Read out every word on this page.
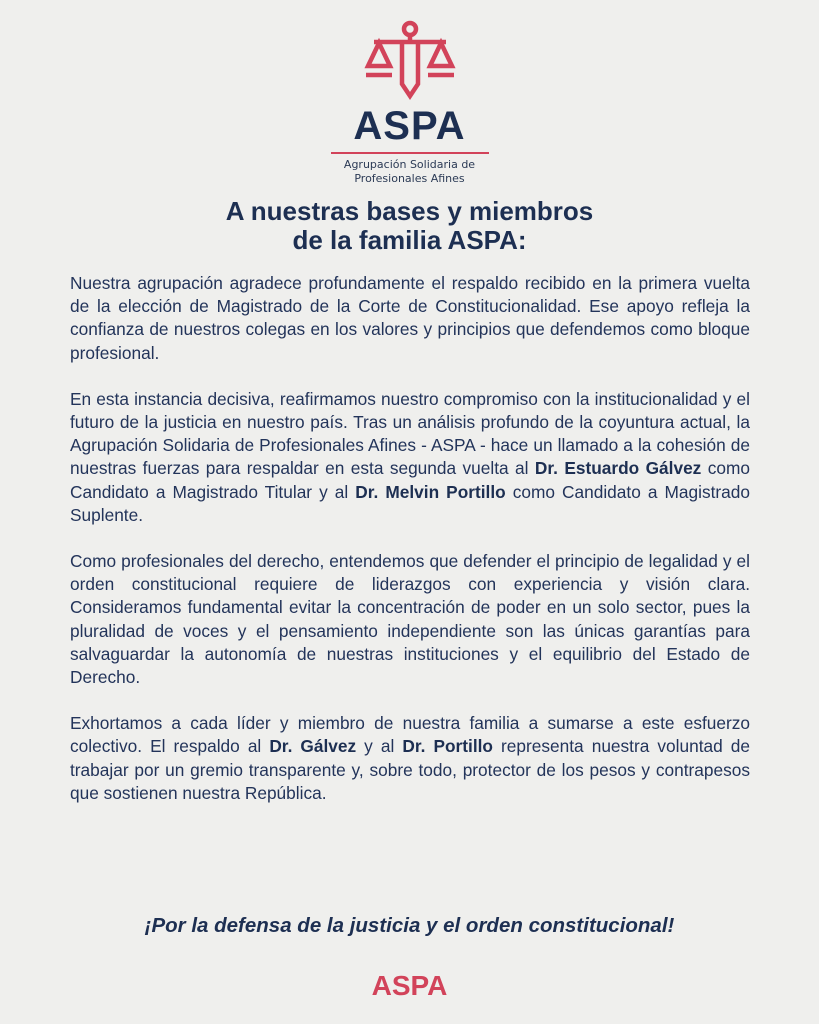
ASPA
Agrupación Solidaria de
Profesionales Afines
A nuestras bases y miembros
de la familia ASPA:

Nuestra agrupación agradece profundamente el respaldo recibido en la primera vuelta de la elección de Magistrado de la Corte de Constitucionalidad. Ese apoyo refleja la confianza de nuestros colegas en los valores y principios que defendemos como bloque profesional.

En esta instancia decisiva, reafirmamos nuestro compromiso con la institucionalidad y el futuro de la justicia en nuestro país. Tras un análisis profundo de la coyuntura actual, la Agrupación Solidaria de Profesionales Afines - ASPA - hace un llamado a la cohesión de nuestras fuerzas para respaldar en esta segunda vuelta al Dr. Estuardo Gálvez como Candidato a Magistrado Titular y al Dr. Melvin Portillo como Candidato a Magistrado Suplente.

Como profesionales del derecho, entendemos que defender el principio de legalidad y el orden constitucional requiere de liderazgos con experiencia y visión clara. Consideramos fundamental evitar la concentración de poder en un solo sector, pues la pluralidad de voces y el pensamiento independiente son las únicas garantías para salvaguardar la autonomía de nuestras instituciones y el equilibrio del Estado de Derecho.

Exhortamos a cada líder y miembro de nuestra familia a sumarse a este esfuerzo colectivo. El respaldo al Dr. Gálvez y al Dr. Portillo representa nuestra voluntad de trabajar por un gremio transparente y, sobre todo, protector de los pesos y contrapesos que sostienen nuestra República.

¡Por la defensa de la justicia y el orden constitucional!
ASPA
